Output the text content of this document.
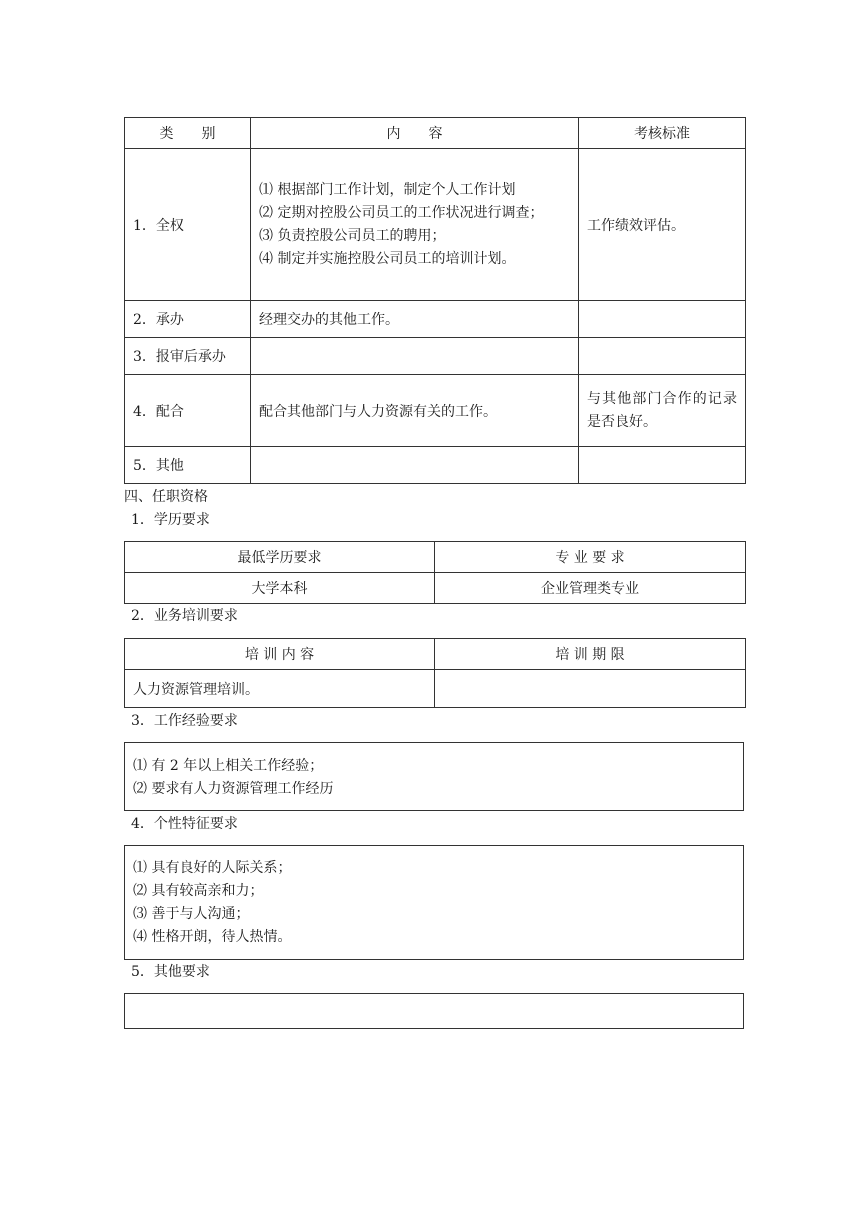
类　　别	内　　容	考核标准
1．全权	⑴ 根据部门工作计划，制定个人工作计划
⑵ 定期对控股公司员工的工作状况进行调查；
⑶ 负责控股公司员工的聘用；
⑷ 制定并实施控股公司员工的培训计划。	工作绩效评估。
2．承办	经理交办的其他工作。	
3．报审后承办		
4．配合	配合其他部门与人力资源有关的工作。	与其他部门合作的记录是否良好。
5．其他		
四、任职资格
1．学历要求
最低学历要求	专 业 要 求
大学本科	企业管理类专业
2．业务培训要求
培 训 内 容	培 训 期 限
人力资源管理培训。	
3．工作经验要求
⑴ 有 2 年以上相关工作经验；
⑵ 要求有人力资源管理工作经历
4．个性特征要求
⑴ 具有良好的人际关系；
⑵ 具有较高亲和力；
⑶ 善于与人沟通；
⑷ 性格开朗，待人热情。
5．其他要求
